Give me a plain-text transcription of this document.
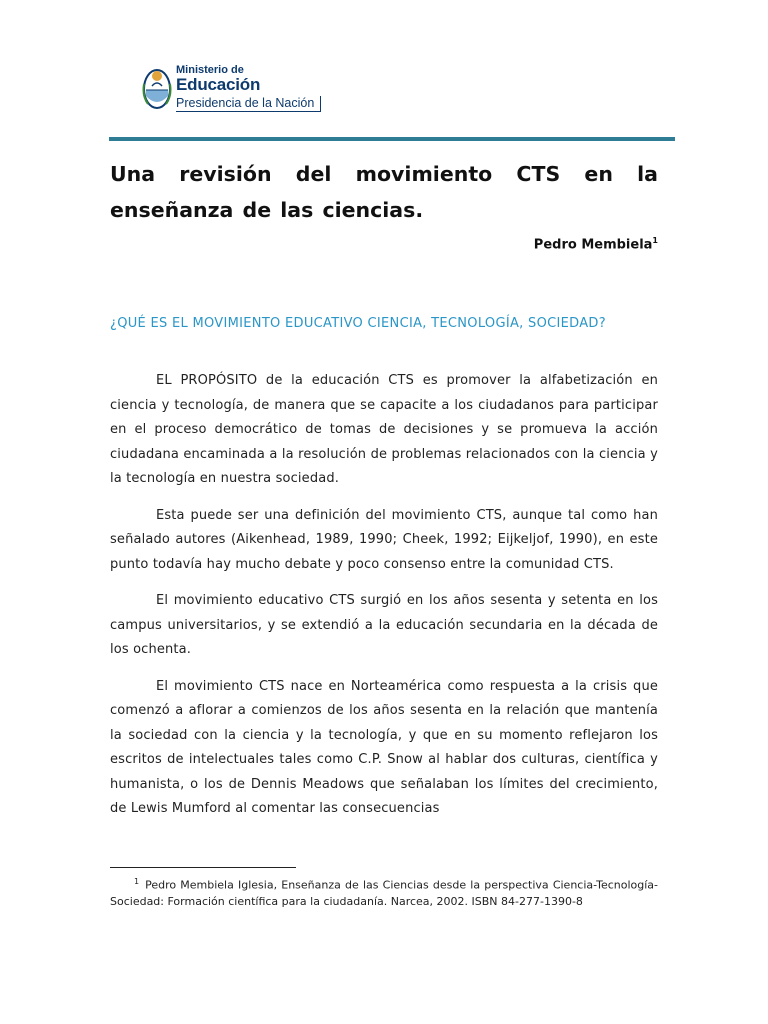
Ministerio de
Educación
Presidencia de la Nación
Una revisión del movimiento CTS en la enseñanza de las ciencias.
Pedro Membiela$^1$
¿QUÉ ES EL MOVIMIENTO EDUCATIVO CIENCIA, TECNOLOGÍA, SOCIEDAD?

EL PROPÓSITO de la educación CTS es promover la alfabetización en ciencia y tecnología, de manera que se capacite a los ciudadanos para participar en el proceso democrático de tomas de decisiones y se promueva la acción ciudadana encaminada a la resolución de problemas relacionados con la ciencia y la tecnología en nuestra sociedad.

Esta puede ser una definición del movimiento CTS, aunque tal como han señalado autores (Aikenhead, 1989, 1990; Cheek, 1992; Eijkeljof, 1990), en este punto todavía hay mucho debate y poco consenso entre la comunidad CTS.

El movimiento educativo CTS surgió en los años sesenta y setenta en los campus universitarios, y se extendió a la educación secundaria en la década de los ochenta.

El movimiento CTS nace en Norteamérica como respuesta a la crisis que comenzó a aflorar a comienzos de los años sesenta en la relación que mantenía la sociedad con la ciencia y la tecnología, y que en su momento reflejaron los escritos de intelectuales tales como C.P. Snow al hablar dos culturas, científica y humanista, o los de Dennis Meadows que señalaban los límites del crecimiento, de Lewis Mumford al comentar las consecuencias

$^1$ Pedro Membiela Iglesia, Enseñanza de las Ciencias desde la perspectiva Ciencia-Tecnología-Sociedad: Formación científica para la ciudadanía. Narcea, 2002. ISBN 84-277-1390-8
